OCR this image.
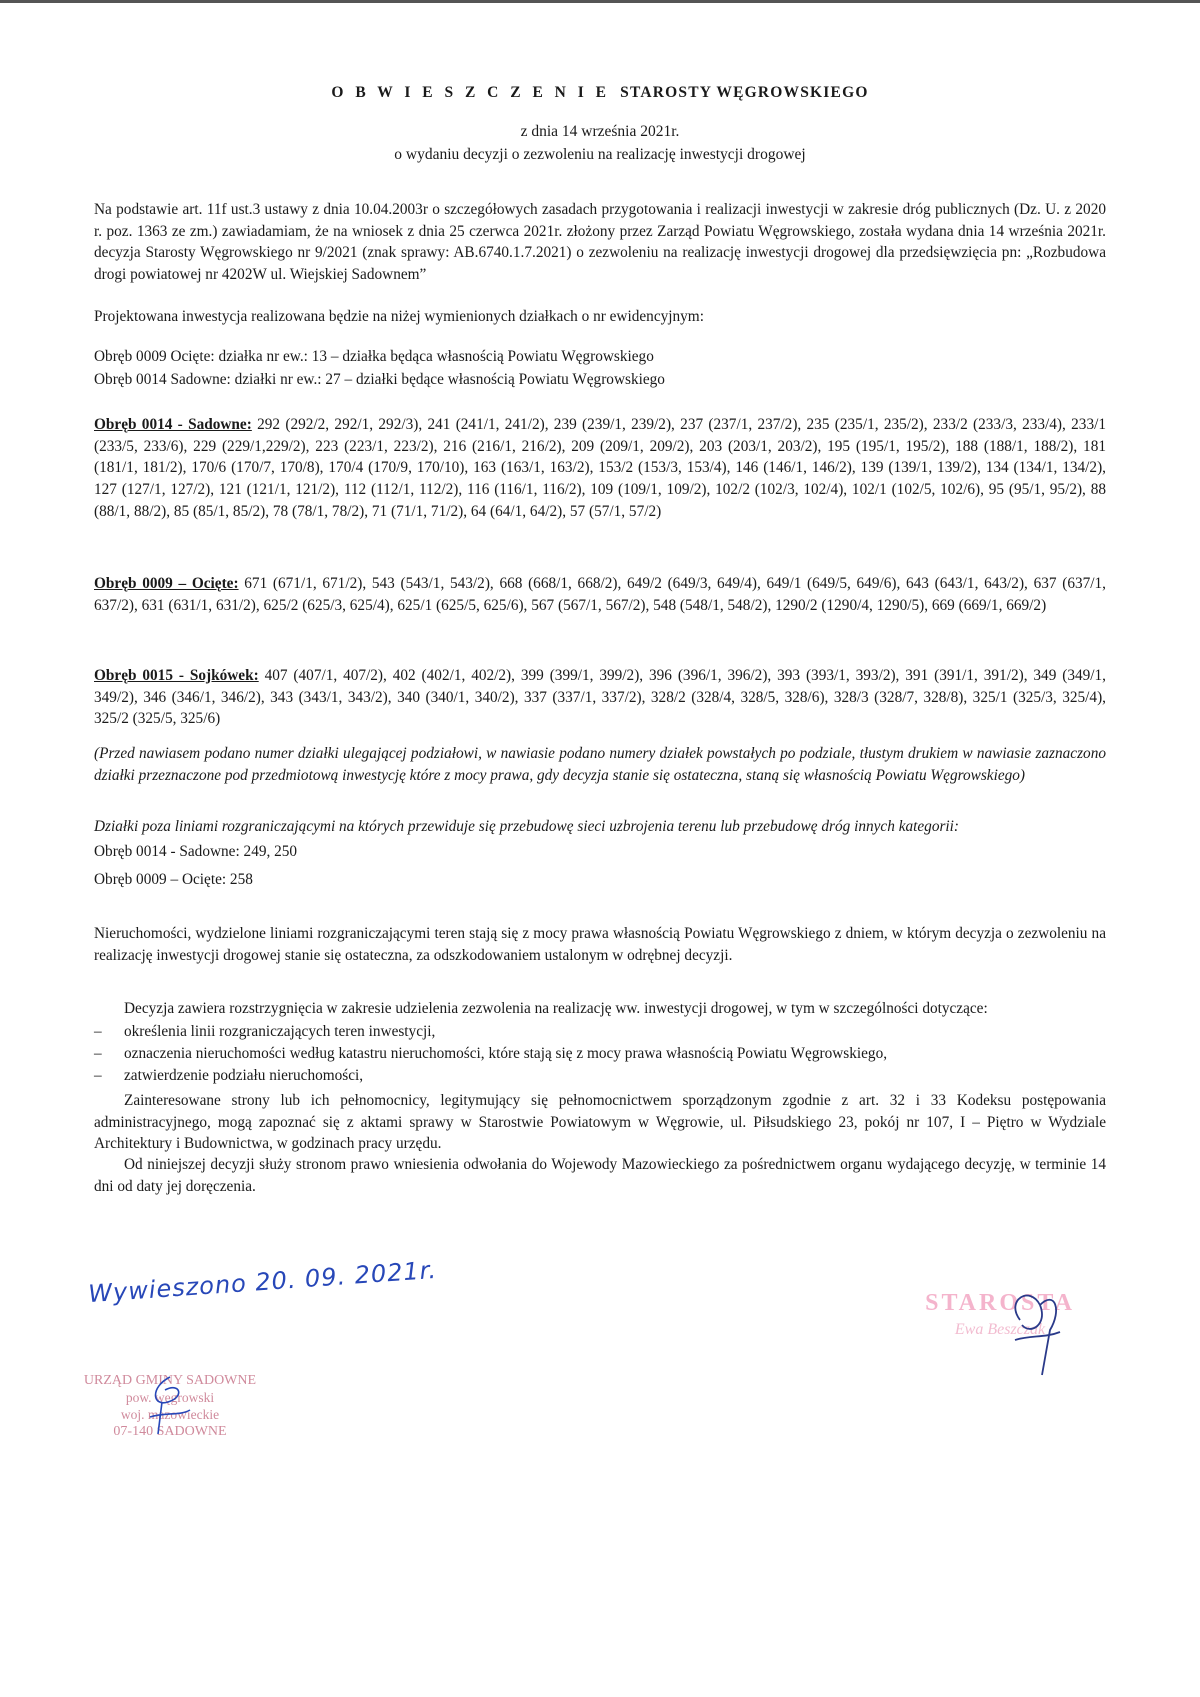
O B W I E S Z C Z E N I E STAROSTY WĘGROWSKIEGO
z dnia 14 września 2021r.
o wydaniu decyzji o zezwoleniu na realizację inwestycji drogowej

Na podstawie art. 11f ust.3 ustawy z dnia 10.04.2003r o szczegółowych zasadach przygotowania i realizacji inwestycji w zakresie dróg publicznych (Dz. U. z 2020 r. poz. 1363 ze zm.) zawiadamiam, że na wniosek z dnia 25 czerwca 2021r. złożony przez Zarząd Powiatu Węgrowskiego, została wydana dnia 14 września 2021r. decyzja Starosty Węgrowskiego nr 9/2021 (znak sprawy: AB.6740.1.7.2021) o zezwoleniu na realizację inwestycji drogowej dla przedsięwzięcia pn: „Rozbudowa drogi powiatowej nr 4202W ul. Wiejskiej Sadownem”

Projektowana inwestycja realizowana będzie na niżej wymienionych działkach o nr ewidencyjnym:
Obręb 0009 Ocięte: działka nr ew.: 13 – działka będąca własnością Powiatu Węgrowskiego
Obręb 0014 Sadowne: działki nr ew.: 27 – działki będące własnością Powiatu Węgrowskiego

Obręb 0014 - Sadowne: 292 (292/2, 292/1, 292/3), 241 (241/1, 241/2), 239 (239/1, 239/2), 237 (237/1, 237/2), 235 (235/1, 235/2), 233/2 (233/3, 233/4), 233/1 (233/5, 233/6), 229 (229/1,229/2), 223 (223/1, 223/2), 216 (216/1, 216/2), 209 (209/1, 209/2), 203 (203/1, 203/2), 195 (195/1, 195/2), 188 (188/1, 188/2), 181 (181/1, 181/2), 170/6 (170/7, 170/8), 170/4 (170/9, 170/10), 163 (163/1, 163/2), 153/2 (153/3, 153/4), 146 (146/1, 146/2), 139 (139/1, 139/2), 134 (134/1, 134/2), 127 (127/1, 127/2), 121 (121/1, 121/2), 112 (112/1, 112/2), 116 (116/1, 116/2), 109 (109/1, 109/2), 102/2 (102/3, 102/4), 102/1 (102/5, 102/6), 95 (95/1, 95/2), 88 (88/1, 88/2), 85 (85/1, 85/2), 78 (78/1, 78/2), 71 (71/1, 71/2), 64 (64/1, 64/2), 57 (57/1, 57/2)

Obręb 0009 – Ocięte: 671 (671/1, 671/2), 543 (543/1, 543/2), 668 (668/1, 668/2), 649/2 (649/3, 649/4), 649/1 (649/5, 649/6), 643 (643/1, 643/2), 637 (637/1, 637/2), 631 (631/1, 631/2), 625/2 (625/3, 625/4), 625/1 (625/5, 625/6), 567 (567/1, 567/2), 548 (548/1, 548/2), 1290/2 (1290/4, 1290/5), 669 (669/1, 669/2)

Obręb 0015 - Sojkówek: 407 (407/1, 407/2), 402 (402/1, 402/2), 399 (399/1, 399/2), 396 (396/1, 396/2), 393 (393/1, 393/2), 391 (391/1, 391/2), 349 (349/1, 349/2), 346 (346/1, 346/2), 343 (343/1, 343/2), 340 (340/1, 340/2), 337 (337/1, 337/2), 328/2 (328/4, 328/5, 328/6), 328/3 (328/7, 328/8), 325/1 (325/3, 325/4), 325/2 (325/5, 325/6)

(Przed nawiasem podano numer działki ulegającej podziałowi, w nawiasie podano numery działek powstałych po podziale, tłustym drukiem w nawiasie zaznaczono działki przeznaczone pod przedmiotową inwestycję które z mocy prawa, gdy decyzja stanie się ostateczna, staną się własnością Powiatu Węgrowskiego)

Działki poza liniami rozgraniczającymi na których przewiduje się przebudowę sieci uzbrojenia terenu lub przebudowę dróg innych kategorii:
Obręb 0014 - Sadowne: 249, 250
Obręb 0009 – Ocięte: 258

Nieruchomości, wydzielone liniami rozgraniczającymi teren stają się z mocy prawa własnością Powiatu Węgrowskiego z dniem, w którym decyzja o zezwoleniu na realizację inwestycji drogowej stanie się ostateczna, za odszkodowaniem ustalonym w odrębnej decyzji.

Decyzja zawiera rozstrzygnięcia w zakresie udzielenia zezwolenia na realizację ww. inwestycji drogowej, w tym w szczególności dotyczące:

– określenia linii rozgraniczających teren inwestycji,
– oznaczenia nieruchomości według katastru nieruchomości, które stają się z mocy prawa własnością Powiatu Węgrowskiego,
– zatwierdzenie podziału nieruchomości,

Zainteresowane strony lub ich pełnomocnicy, legitymujący się pełnomocnictwem sporządzonym zgodnie z art. 32 i 33 Kodeksu postępowania administracyjnego, mogą zapoznać się z aktami sprawy w Starostwie Powiatowym w Węgrowie, ul. Piłsudskiego 23, pokój nr 107, I – Piętro w Wydziale Architektury i Budownictwa, w godzinach pracy urzędu.

Od niniejszej decyzji służy stronom prawo wniesienia odwołania do Wojewody Mazowieckiego za pośrednictwem organu wydającego decyzję, w terminie 14 dni od daty jej doręczenia.

Wywieszono 20. 09. 2021r.
URZĄD GMINY SADOWNE
pow. węgrowski
woj. mazowieckie
07-140 SADOWNE
STAROSTA
Ewa Beszczak
